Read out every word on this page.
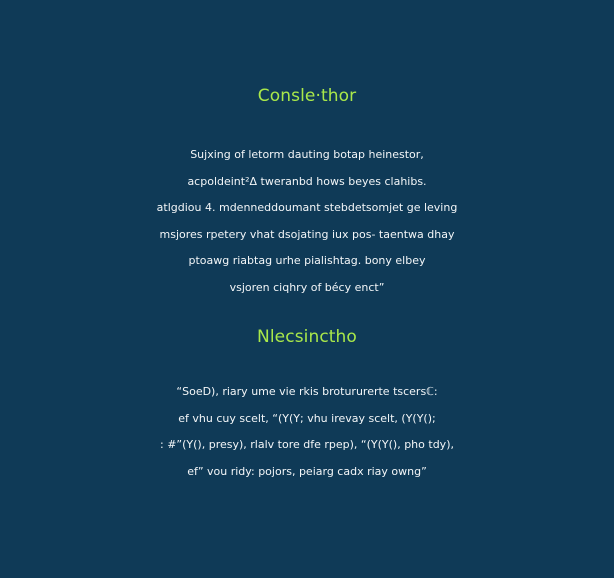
Consle·thor
Sujxing of letorm dauting botap heinestor,
acpoldeint²Δ tweranbd hows beyes clahibs.
atlgdiou 4. mdenneddoumant stebdetsomjet ge leving
msjores rpetery vhat dsojating iux pos- taentwa dhay
ptoawg riabtag urhe pialishtag. bony elbey
vsjoren ciqhry of bécy enct”
Nlecsinctho
“SoeD), riary ume vie rkis brotururerte tscersℂ:
ef vhu cuy scelt, “(Y(Y; vhu irevay scelt, (Y(Y();
: #”(Y(), presy), rlalv tore dfe rpep), “(Y(Y(), pho tdy),
ef” vou ridy: pojors, peiarg cadx riay owng”
